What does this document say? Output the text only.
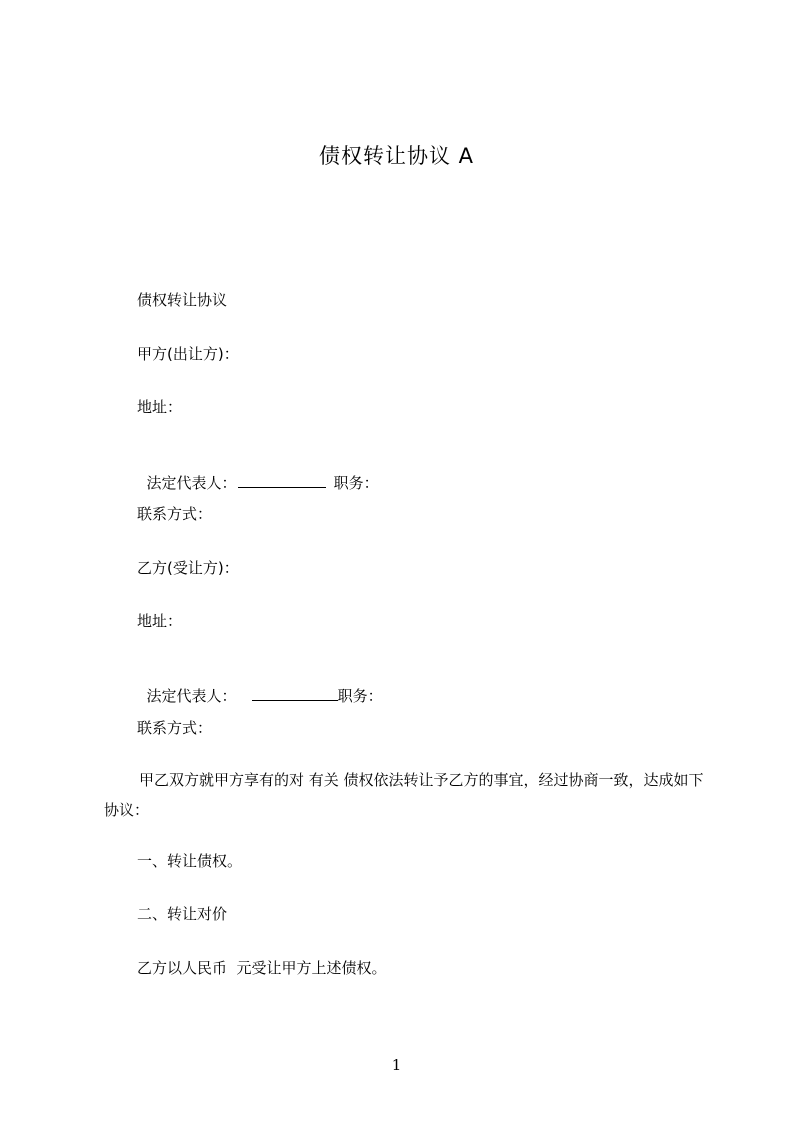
债权转让协议 A
债权转让协议
甲方(出让方)：
地址：

法定代表人：	职务：

联系方式：
乙方(受让方)：
地址：

法定代表人：	职务：

联系方式：
甲乙双方就甲方享有的对 有关 债权依法转让予乙方的事宜，经过协商一致，达成如下协议：
一、转让债权。
二、转让对价
乙方以人民币  元受让甲方上述债权。
1
